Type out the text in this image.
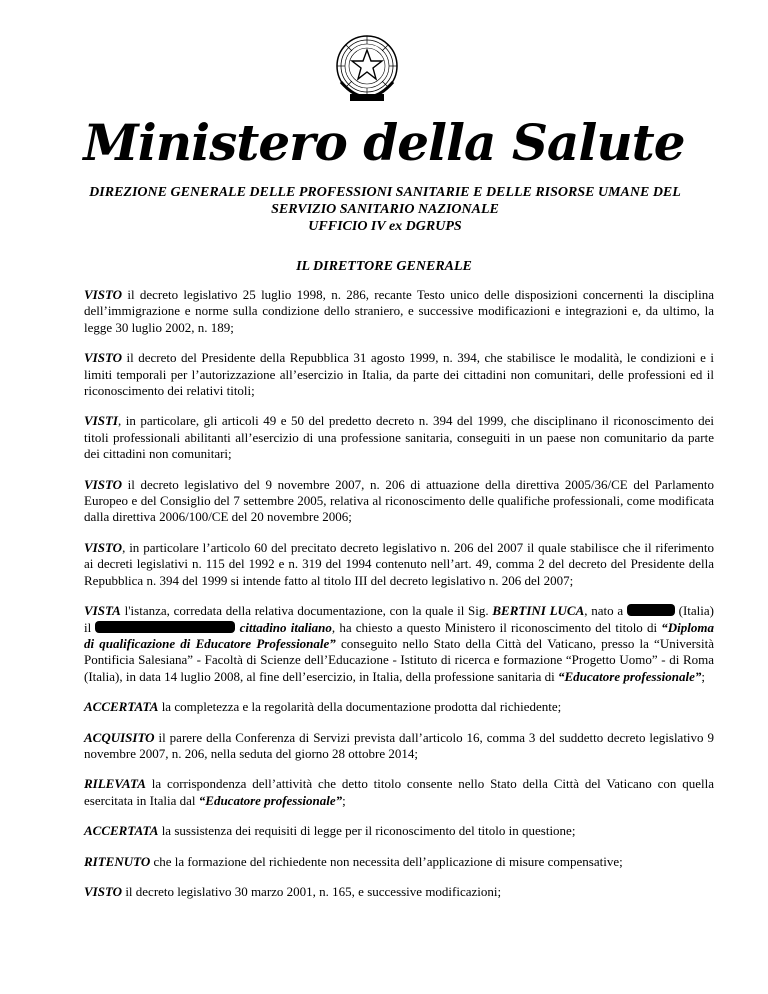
Ministero della Salute
DIREZIONE GENERALE DELLE PROFESSIONI SANITARIE E DELLE RISORSE UMANE DEL
SERVIZIO SANITARIO NAZIONALE
UFFICIO IV ex DGRUPS
IL DIRETTORE GENERALE

VISTO il decreto legislativo 25 luglio 1998, n. 286, recante Testo unico delle disposizioni concernenti la disciplina dell’immigrazione e norme sulla condizione dello straniero, e successive modificazioni e integrazioni e, da ultimo, la legge 30 luglio 2002, n. 189;

VISTO il decreto del Presidente della Repubblica 31 agosto 1999, n. 394, che stabilisce le modalità, le condizioni e i limiti temporali per l’autorizzazione all’esercizio in Italia, da parte dei cittadini non comunitari, delle professioni ed il riconoscimento dei relativi titoli;

VISTI, in particolare, gli articoli 49 e 50 del predetto decreto n. 394 del 1999, che disciplinano il riconoscimento dei titoli professionali abilitanti all’esercizio di una professione sanitaria, conseguiti in un paese non comunitario da parte dei cittadini non comunitari;

VISTO il decreto legislativo del 9 novembre 2007, n. 206 di attuazione della direttiva 2005/36/CE del Parlamento Europeo e del Consiglio del 7 settembre 2005, relativa al riconoscimento delle qualifiche professionali, come modificata dalla direttiva 2006/100/CE del 20 novembre 2006;

VISTO, in particolare l’articolo 60 del precitato decreto legislativo n. 206 del 2007 il quale stabilisce che il riferimento ai decreti legislativi n. 115 del 1992 e n. 319 del 1994 contenuto nell’art. 49, comma 2 del decreto del Presidente della Repubblica n. 394 del 1999 si intende fatto al titolo III del decreto legislativo n. 206 del 2007;

VISTA l'istanza, corredata della relativa documentazione, con la quale il Sig. BERTINI LUCA, nato a	(Italia) il	cittadino italiano, ha chiesto a questo Ministero il riconoscimento del titolo di “Diploma di qualificazione di Educatore Professionale” conseguito nello Stato della Città del Vaticano, presso la “Università Pontificia Salesiana” - Facoltà di Scienze dell’Educazione - Istituto di ricerca e formazione “Progetto Uomo” - di Roma (Italia), in data 14 luglio 2008, al fine dell’esercizio, in Italia, della professione sanitaria di “Educatore professionale”;

ACCERTATA la completezza e la regolarità della documentazione prodotta dal richiedente;

ACQUISITO il parere della Conferenza di Servizi prevista dall’articolo 16, comma 3 del suddetto decreto legislativo 9 novembre 2007, n. 206, nella seduta del giorno 28 ottobre 2014;

RILEVATA la corrispondenza dell’attività che detto titolo consente nello Stato della Città del Vaticano con quella esercitata in Italia dal “Educatore professionale”;

ACCERTATA la sussistenza dei requisiti di legge per il riconoscimento del titolo in questione;

RITENUTO che la formazione del richiedente non necessita dell’applicazione di misure compensative;

VISTO il decreto legislativo 30 marzo 2001, n. 165, e successive modificazioni;
